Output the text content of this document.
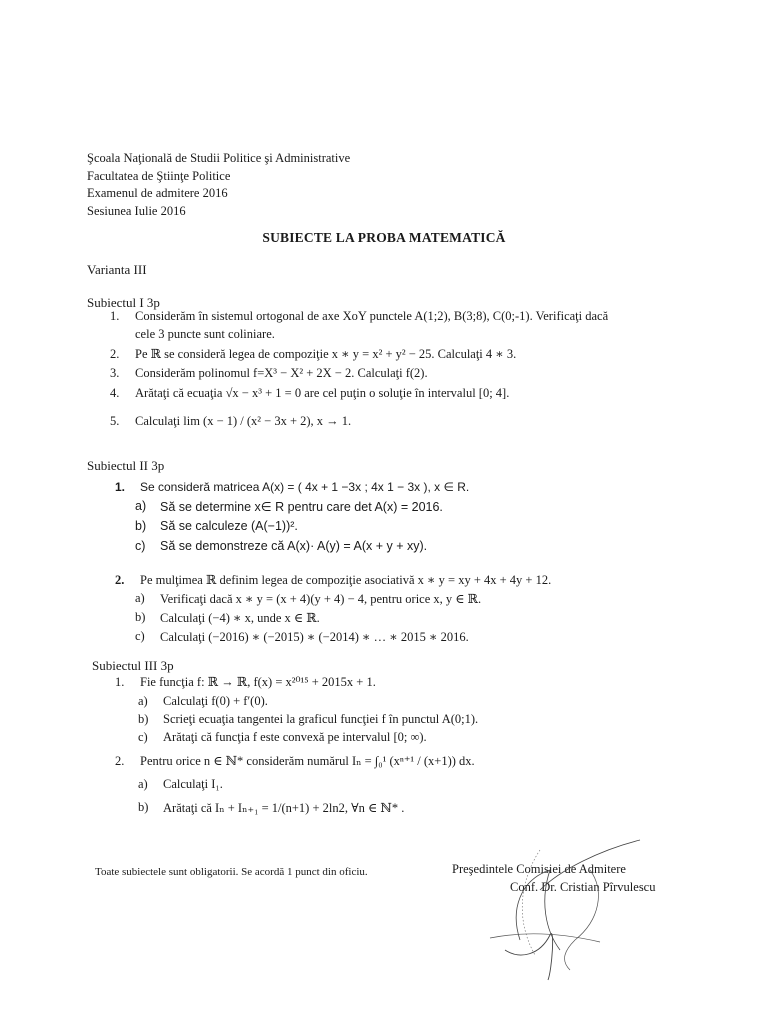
Şcoala Naţională de Studii Politice şi Administrative
Facultatea de Ştiinţe Politice
Examenul de admitere 2016
Sesiunea Iulie 2016
SUBIECTE LA PROBA MATEMATICĂ
Varianta III
Subiectul I 3p
1. Considerăm în sistemul ortogonal de axe XoY punctele A(1;2), B(3;8), C(0;-1). Verificaţi dacă
cele 3 puncte sunt coliniare.
2. Pe ℝ se consideră legea de compoziţie x ∗ y = x² + y² − 25. Calculaţi 4 ∗ 3.
3. Considerăm polinomul f=X³ − X² + 2X − 2. Calculaţi f(2).
4. Arătaţi că ecuaţia √x − x³ + 1 = 0 are cel puţin o soluţie în intervalul [0; 4].
5. Calculaţi lim (x − 1) / (x² − 3x + 2), x → 1.
Subiectul II 3p
1. Se consideră matricea A(x) = ( 4x + 1 −3x ; 4x 1 − 3x ), x ∈ R.
a) Să se determine x∈ R pentru care det A(x) = 2016.
b) Să se calculeze (A(−1))².
c) Să se demonstreze că A(x)· A(y) = A(x + y + xy).
2. Pe mulţimea ℝ definim legea de compoziţie asociativă x ∗ y = xy + 4x + 4y + 12.
a) Verificaţi dacă x ∗ y = (x + 4)(y + 4) − 4, pentru orice x, y ∈ ℝ.
b) Calculaţi (−4) ∗ x, unde x ∈ ℝ.
c) Calculaţi (−2016) ∗ (−2015) ∗ (−2014) ∗ … ∗ 2015 ∗ 2016.
Subiectul III 3p
1. Fie funcţia f: ℝ → ℝ, f(x) = x²⁰¹⁵ + 2015x + 1.
a) Calculaţi f(0) + f′(0).
b) Scrieţi ecuaţia tangentei la graficul funcţiei f în punctul A(0;1).
c) Arătaţi că funcţia f este convexă pe intervalul [0; ∞).
2. Pentru orice n ∈ ℕ* considerăm numărul Iₙ = ∫₀¹ (xⁿ⁺¹ / (x+1)) dx.
a) Calculaţi I₁.
b) Arătaţi că Iₙ + Iₙ₊₁ = 1/(n+1) + 2ln2, ∀n ∈ ℕ* .
Toate subiectele sunt obligatorii. Se acordă 1 punct din oficiu.	Preşedintele Comisiei de Admitere
Conf. Dr. Cristian Pîrvulescu
